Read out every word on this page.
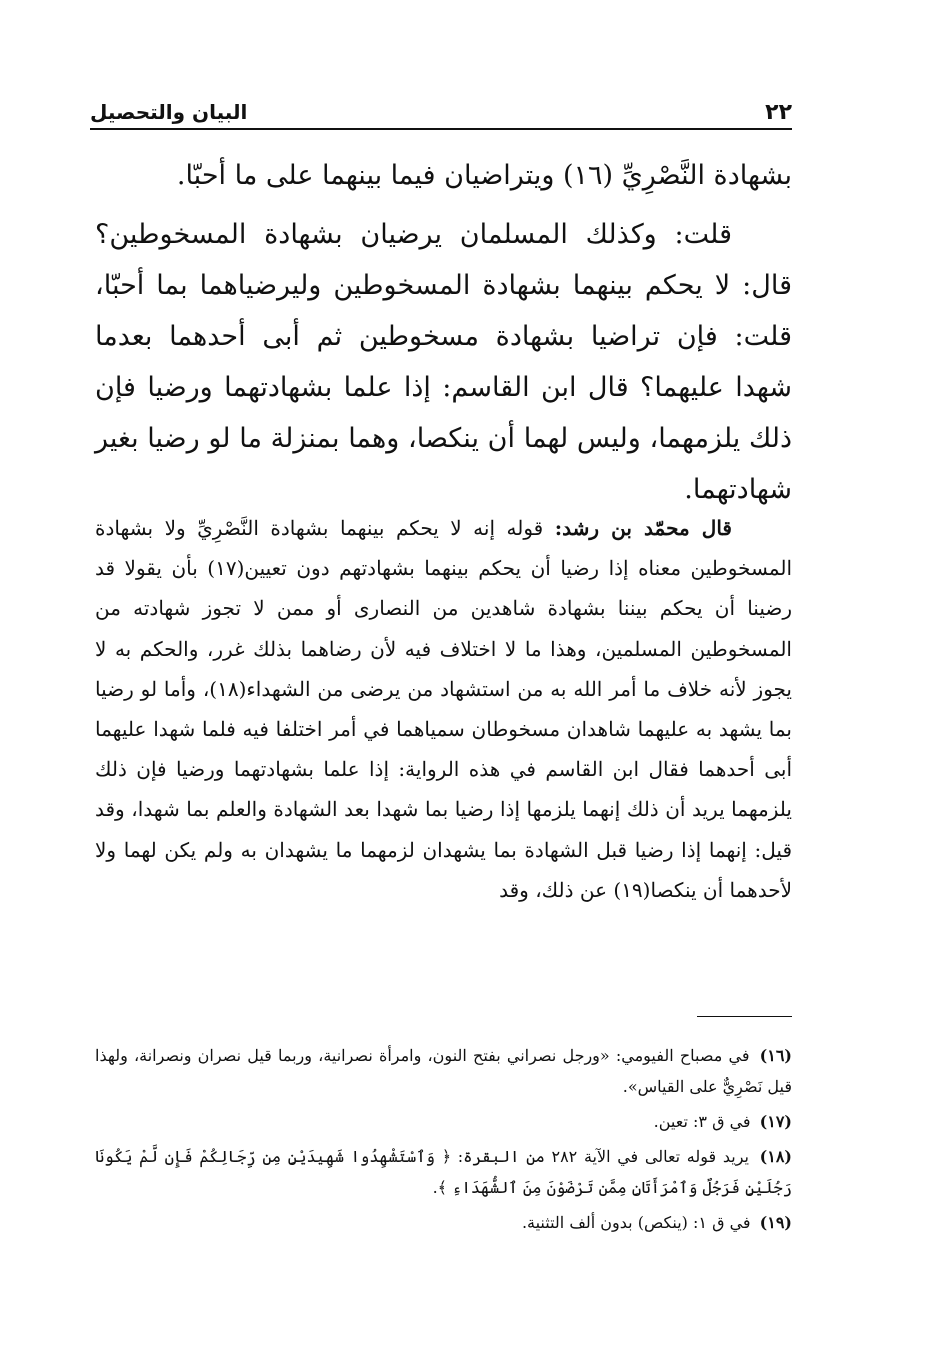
٢٢
البيان والتحصيل

بشهادة النَّصْرِيِّ (١٦) ويتراضيان فيما بينهما على ما أحبّا.

قلت: وكذلك المسلمان يرضيان بشهادة المسخوطين؟ قال: لا يحكم بينهما بشهادة المسخوطين وليرضياهما بما أحبّا، قلت: فإن تراضيا بشهادة مسخوطين ثم أبى أحدهما بعدما شهدا عليهما؟ قال ابن القاسم: إذا علما بشهادتهما ورضيا فإن ذلك يلزمهما، وليس لهما أن ينكصا، وهما بمنزلة ما لو رضيا بغير شهادتهما.

قال محمّد بن رشد: قوله إنه لا يحكم بينهما بشهادة النَّصْرِيِّ ولا بشهادة المسخوطين معناه إذا رضيا أن يحكم بينهما بشهادتهم دون تعيين(١٧) بأن يقولا قد رضينا أن يحكم بيننا بشهادة شاهدين من النصارى أو ممن لا تجوز شهادته من المسخوطين المسلمين، وهذا ما لا اختلاف فيه لأن رضاهما بذلك غرر، والحكم به لا يجوز لأنه خلاف ما أمر الله به من استشهاد من يرضى من الشهداء(١٨)، وأما لو رضيا بما يشهد به عليهما شاهدان مسخوطان سمياهما في أمر اختلفا فيه فلما شهدا عليهما أبى أحدهما فقال ابن القاسم في هذه الرواية: إذا علما بشهادتهما ورضيا فإن ذلك يلزمهما يريد أن ذلك إنهما يلزمها إذا رضيا بما شهدا بعد الشهادة والعلم بما شهدا، وقد قيل: إنهما إذا رضيا قبل الشهادة بما يشهدان لزمهما ما يشهدان به ولم يكن لهما ولا لأحدهما أن ينكصا(١٩) عن ذلك، وقد

(١٦) في مصباح الفيومي: «ورجل نصراني بفتح النون، وامرأة نصرانية، وربما قيل نصران ونصرانة، ولهذا قيل نَصْرِيٌّ على القياس».

(١٧) في ق ٣: تعين.

(١٨) يريد قوله تعالى في الآية ٢٨٢ من البقرة: ﴿ وَٱسْتَشْهِدُوا شَهِيدَيْنِ مِن رِّجَالِكُمْ فَإِن لَّمْ يَكُونَا رَجُلَيْنِ فَرَجُلٌ وَٱمْرَأَتَانِ مِمَّن تَرْضَوْنَ مِنَ ٱلشُّهَدَاءِ ﴾.

(١٩) في ق ١: (ينكص) بدون ألف التثنية.
